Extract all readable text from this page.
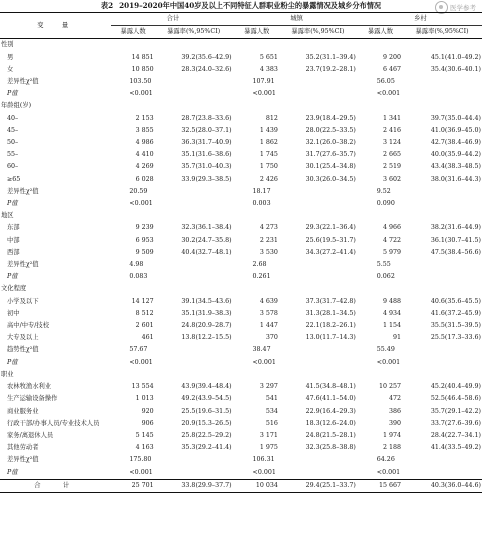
表2 2019–2020年中国40岁及以上不同特征人群职业粉尘的暴露情况及城乡分布情况	医学参考
变　量	合计		城镇		乡村	
	暴露人数	暴露率(%,95%CI)	暴露人数	暴露率(%,95%CI)	暴露人数	暴露率(%,95%CI)
性别						
男	14 851	39.2(35.6–42.9)	5 651	35.2(31.1–39.4)	9 200	45.1(41.0–49.2)
女	10 850	28.3(24.0–32.6)	4 383	23.7(19.2–28.1)	6 467	35.4(30.6–40.1)
差异性χ²值	103.50		107.91		56.05	
P值	<0.001		<0.001		<0.001	
年龄组(岁)						
40–	2 153	28.7(23.8–33.6)	812	23.9(18.4–29.5)	1 341	39.7(35.0–44.4)
45–	3 855	32.5(28.0–37.1)	1 439	28.0(22.5–33.5)	2 416	41.0(36.9–45.0)
50–	4 986	36.3(31.7–40.9)	1 862	32.1(26.0–38.2)	3 124	42.7(38.4–46.9)
55–	4 410	35.1(31.6–38.6)	1 745	31.7(27.6–35.7)	2 665	40.0(35.9–44.2)
60–	4 269	35.7(31.0–40.3)	1 750	30.1(25.4–34.8)	2 519	43.4(38.3–48.5)
≥65	6 028	33.9(29.3–38.5)	2 426	30.3(26.0–34.5)	3 602	38.0(31.6–44.3)
差异性χ²值	20.59		18.17		9.52	
P值	<0.001		0.003		0.090	
地区						
东部	9 239	32.3(36.1–38.4)	4 273	29.3(22.1–36.4)	4 966	38.2(31.6–44.9)
中部	6 953	30.2(24.7–35.8)	2 231	25.6(19.5–31.7)	4 722	36.1(30.7–41.5)
西部	9 509	40.4(32.7–48.1)	3 530	34.3(27.2–41.4)	5 979	47.5(38.4–56.6)
差异性χ²值	4.98		2.68		5.55	
P值	0.083		0.261		0.062	
文化程度						
小学及以下	14 127	39.1(34.5–43.6)	4 639	37.3(31.7–42.8)	9 488	40.6(35.6–45.5)
初中	8 512	35.1(31.9–38.3)	3 578	31.3(28.1–34.5)	4 934	41.6(37.2–45.9)
高中/中专/技校	2 601	24.8(20.9–28.7)	1 447	22.1(18.2–26.1)	1 154	35.5(31.5–39.5)
大专及以上	461	13.8(12.2–15.5)	370	13.0(11.7–14.3)	91	25.5(17.3–33.6)
趋势性χ²值	57.67		38.47		55.49	
P值	<0.001		<0.001		<0.001	
职业						
农林牧渔水利业	13 554	43.9(39.4–48.4)	3 297	41.5(34.8–48.1)	10 257	45.2(40.4–49.9)
生产运输设备操作	1 013	49.2(43.9–54.5)	541	47.6(41.1–54.0)	472	52.5(46.4–58.6)
商业服务业	920	25.5(19.6–31.5)	534	22.9(16.4–29.3)	386	35.7(29.1–42.2)
行政干部/办事人员/专业技术人员	906	20.9(15.3–26.5)	516	18.3(12.6–24.0)	390	33.7(27.6–39.6)
家务/离退休人员	5 145	25.8(22.5–29.2)	3 171	24.8(21.5–28.1)	1 974	28.4(22.7–34.1)
其他劳动者	4 163	35.3(29.2–41.4)	1 975	32.3(25.8–38.8)	2 188	41.4(33.5–49.2)
差异性χ²值	175.80		106.31		64.26	
P值	<0.001		<0.001		<0.001	
合　计	25 701	33.8(29.9–37.7)	10 034	29.4(25.1–33.7)	15 667	40.3(36.0–44.6)
